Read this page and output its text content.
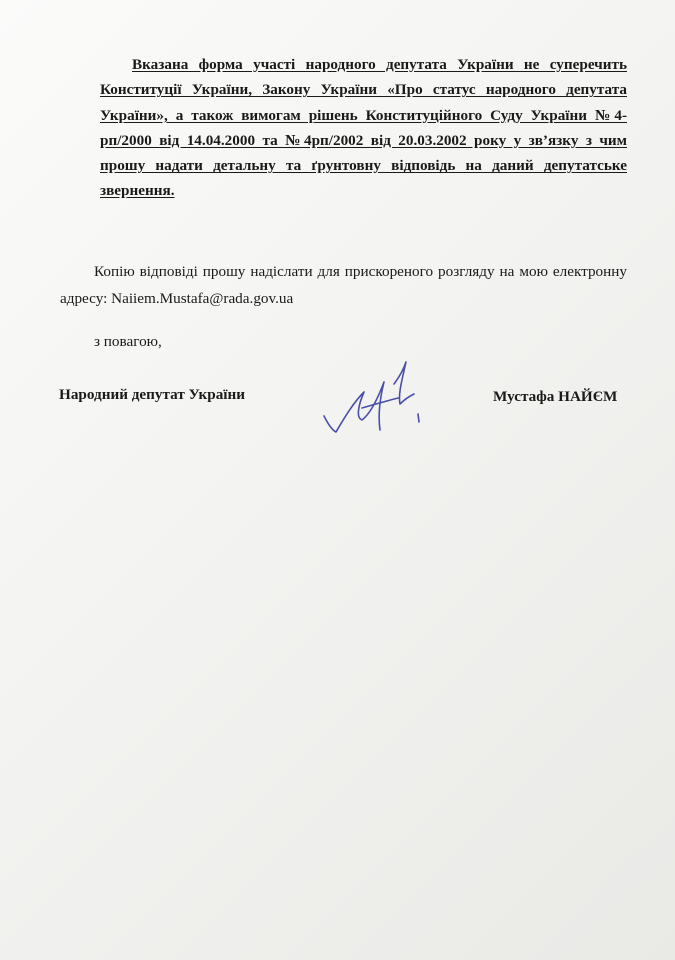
Вказана форма участі народного депутата України не суперечить Конституції України, Закону України «Про статус народного депутата України», а також вимогам рішень Конституційного Суду України №4-рп/2000 від 14.04.2000 та №4рп/2002 від 20.03.2002 року у зв’язку з чим прошу надати детальну та ґрунтовну відповідь на даний депутатське звернення.

Копію відповіді прошу надіслати для прискореного розгляду на мою електронну адресу: Naiiem.Mustafa@rada.gov.ua

з повагою,

Народний депутат України	Мустафа НАЙЄМ
